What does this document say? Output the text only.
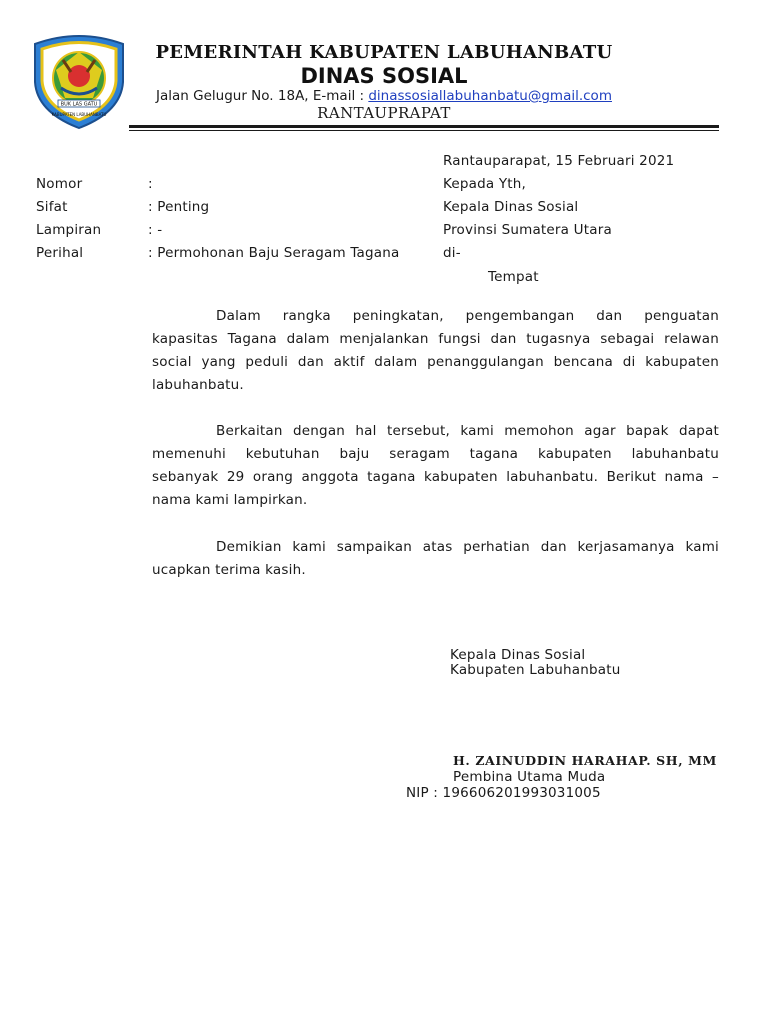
BUK LAS GATU
KABUPATEN LABUHANBATU
PEMERINTAH KABUPATEN LABUHANBATU
DINAS SOSIAL
Jalan Gelugur No. 18A, E-mail : dinassosiallabuhanbatu@gmail.com
RANTAUPRAPAT
Rantauparapat, 15 Februari 2021
Nomor	:
Sifat	: Penting
Lampiran	: -
Perihal	: Permohonan Baju Seragam Tagana
Kepada Yth,
Kepala Dinas Sosial
Provinsi Sumatera Utara
di-
Tempat
Dalam rangka peningkatan, pengembangan dan penguatan
kapasitas Tagana dalam menjalankan fungsi dan tugasnya sebagai relawan
social yang peduli dan aktif dalam penanggulangan bencana di kabupaten
labuhanbatu.
Berkaitan dengan hal tersebut, kami memohon agar bapak dapat
memenuhi kebutuhan baju seragam tagana kabupaten labuhanbatu
sebanyak 29 orang anggota tagana kabupaten labuhanbatu. Berikut nama –
nama kami lampirkan.
Demikian kami sampaikan atas perhatian dan kerjasamanya kami
ucapkan terima kasih.
Kepala Dinas Sosial
Kabupaten Labuhanbatu
H. ZAINUDDIN HARAHAP. SH, MM
Pembina Utama Muda
NIP : 196606201993031005
